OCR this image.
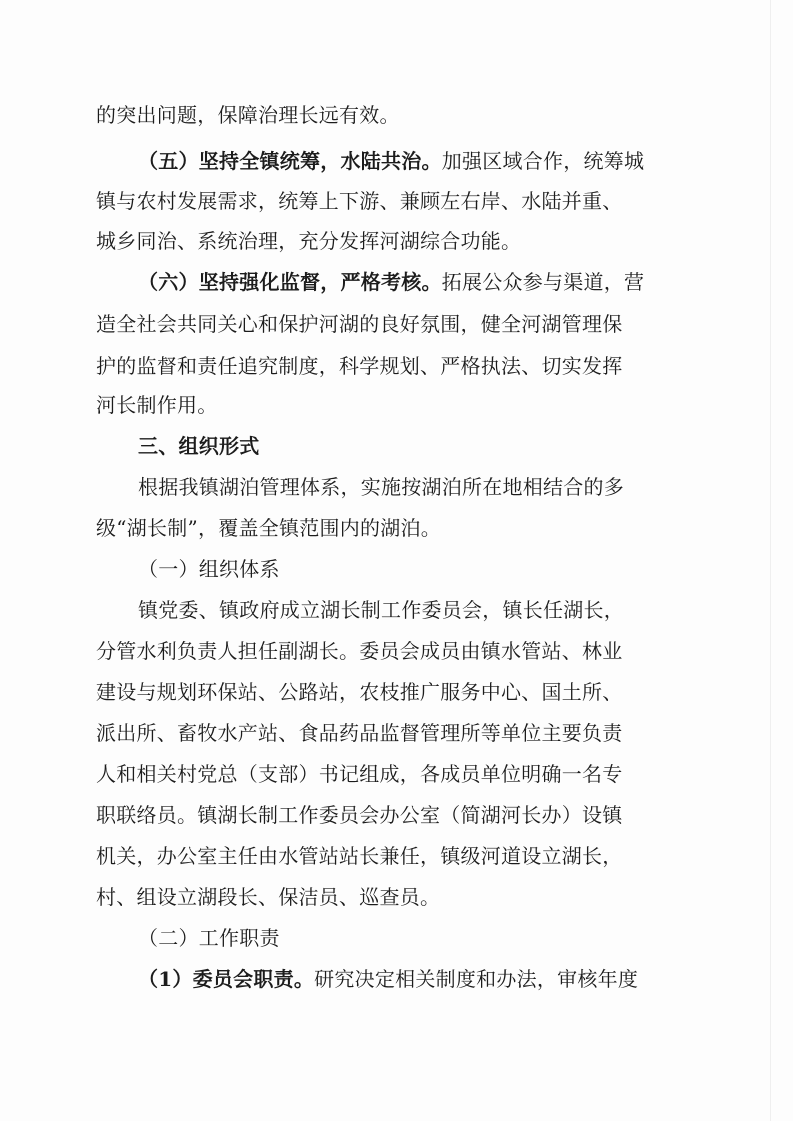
的突出问题，保障治理长远有效。
（五）坚持全镇统筹，水陆共治。加强区域合作，统筹城
镇与农村发展需求，统筹上下游、兼顾左右岸、水陆并重、
城乡同治、系统治理，充分发挥河湖综合功能。
（六）坚持强化监督，严格考核。拓展公众参与渠道，营
造全社会共同关心和保护河湖的良好氛围，健全河湖管理保
护的监督和责任追究制度，科学规划、严格执法、切实发挥
河长制作用。
三、组织形式
根据我镇湖泊管理体系，实施按湖泊所在地相结合的多
级“湖长制”，覆盖全镇范围内的湖泊。
（一）组织体系
镇党委、镇政府成立湖长制工作委员会，镇长任湖长，
分管水利负责人担任副湖长。委员会成员由镇水管站、林业
建设与规划环保站、公路站，农枝推广服务中心、国土所、
派出所、畜牧水产站、食品药品监督管理所等单位主要负责
人和相关村党总（支部）书记组成，各成员单位明确一名专
职联络员。镇湖长制工作委员会办公室（简湖河长办）设镇
机关，办公室主任由水管站站长兼任，镇级河道设立湖长，
村、组设立湖段长、保洁员、巡查员。
（二）工作职责
（1）委员会职责。研究决定相关制度和办法，审核年度
